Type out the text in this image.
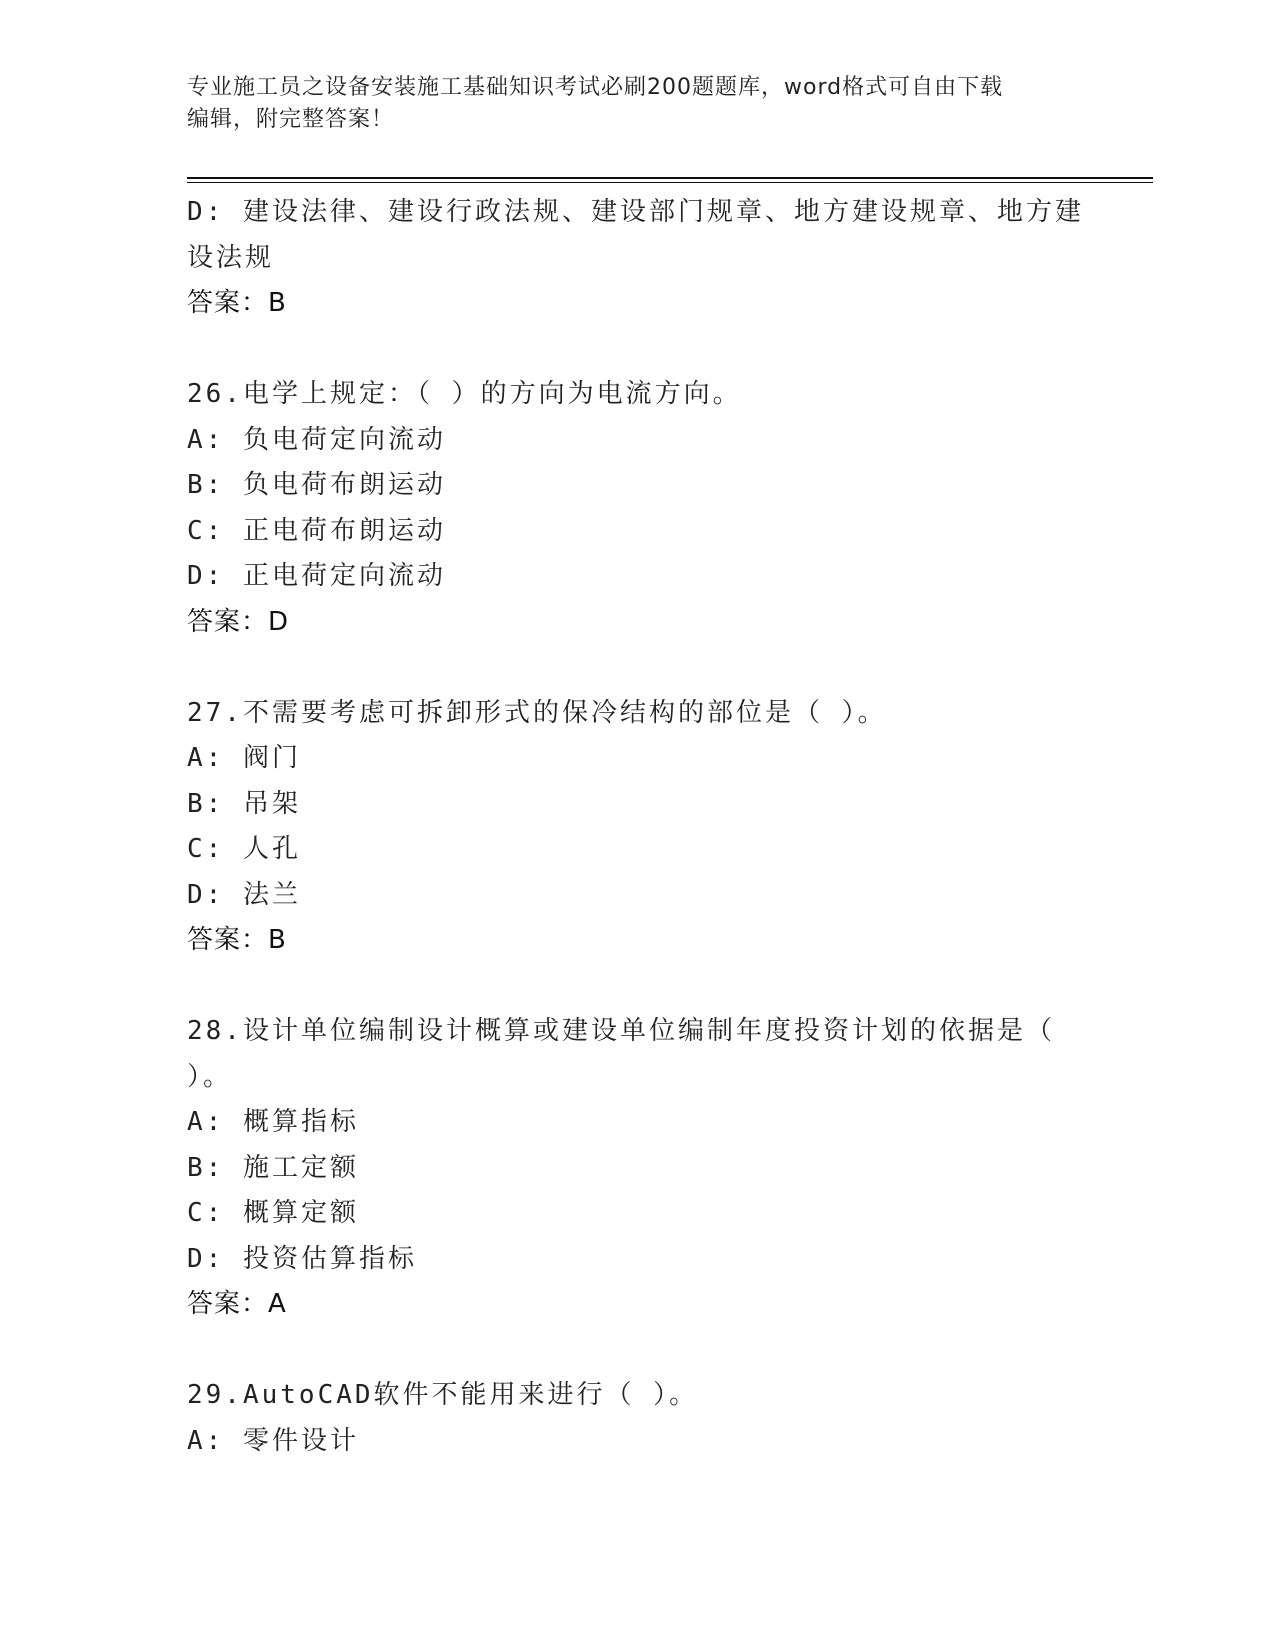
专业施工员之设备安装施工基础知识考试必刷200题题库，word格式可自由下载
编辑，附完整答案！
D: 建设法律、建设行政法规、建设部门规章、地方建设规章、地方建
设法规
答案：B
26.电学上规定：（ ）的方向为电流方向。
A: 负电荷定向流动
B: 负电荷布朗运动
C: 正电荷布朗运动
D: 正电荷定向流动
答案：D
27.不需要考虑可拆卸形式的保冷结构的部位是（ ）。
A: 阀门
B: 吊架
C: 人孔
D: 法兰
答案：B
28.设计单位编制设计概算或建设单位编制年度投资计划的依据是（
）。
A: 概算指标
B: 施工定额
C: 概算定额
D: 投资估算指标
答案：A
29.AutoCAD软件不能用来进行（ ）。
A: 零件设计
